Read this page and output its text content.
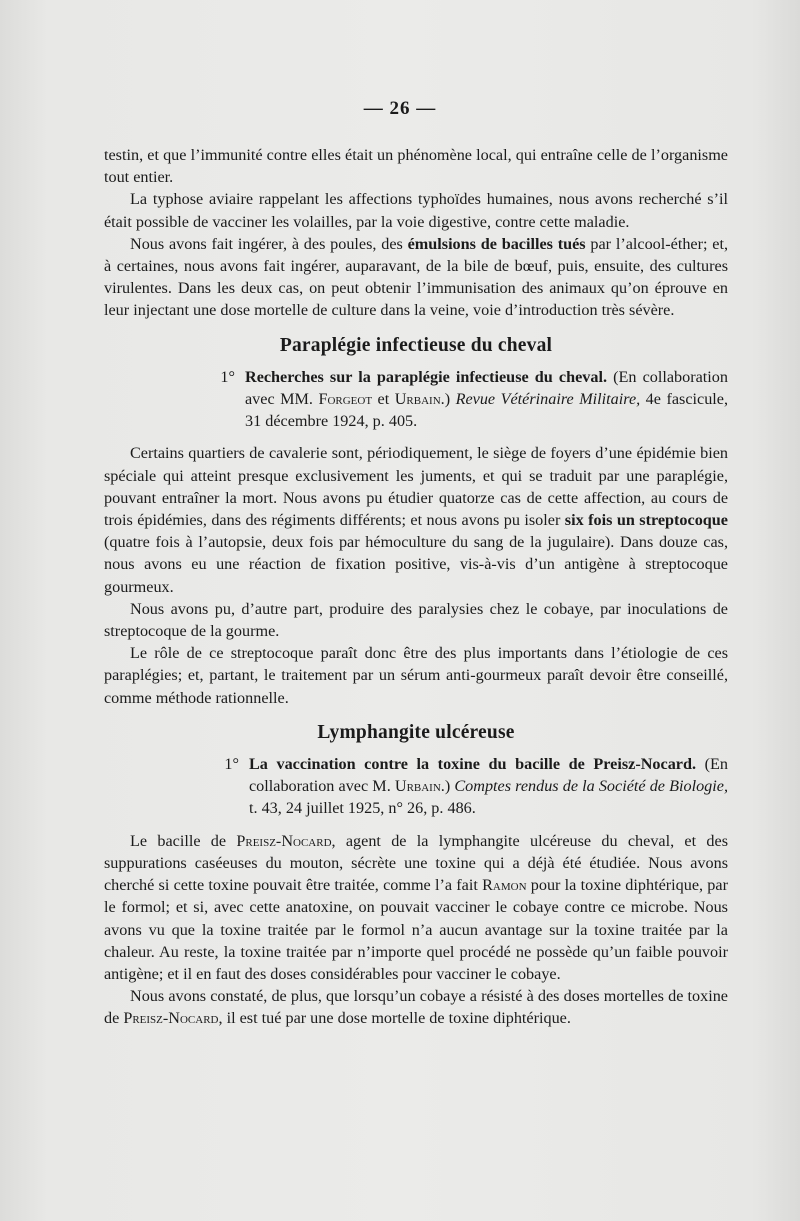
— 26 —

testin, et que l’immunité contre elles était un phénomène local, qui entraîne celle de l’organisme tout entier.

La typhose aviaire rappelant les affections typhoïdes humaines, nous avons recherché s’il était possible de vacciner les volailles, par la voie digestive, contre cette maladie.

Nous avons fait ingérer, à des poules, des émulsions de bacilles tués par l’alcool-éther; et, à certaines, nous avons fait ingérer, auparavant, de la bile de bœuf, puis, ensuite, des cultures virulentes. Dans les deux cas, on peut obtenir l’immunisation des animaux qu’on éprouve en leur injectant une dose mortelle de culture dans la veine, voie d’introduction très sévère.

Paraplégie infectieuse du cheval
1° Recherches sur la paraplégie infectieuse du cheval. (En collaboration avec MM. Forgeot et Urbain.) Revue Vétérinaire Militaire, 4e fascicule, 31 décembre 1924, p. 405.

Certains quartiers de cavalerie sont, périodiquement, le siège de foyers d’une épidémie bien spéciale qui atteint presque exclusivement les juments, et qui se traduit par une paraplégie, pouvant entraîner la mort. Nous avons pu étudier quatorze cas de cette affection, au cours de trois épidémies, dans des régiments différents; et nous avons pu isoler six fois un streptocoque (quatre fois à l’autopsie, deux fois par hémoculture du sang de la jugulaire). Dans douze cas, nous avons eu une réaction de fixation positive, vis-à-vis d’un antigène à streptocoque gourmeux.

Nous avons pu, d’autre part, produire des paralysies chez le cobaye, par inoculations de streptocoque de la gourme.

Le rôle de ce streptocoque paraît donc être des plus importants dans l’étiologie de ces paraplégies; et, partant, le traitement par un sérum anti-gourmeux paraît devoir être conseillé, comme méthode rationnelle.

Lymphangite ulcéreuse
1° La vaccination contre la toxine du bacille de Preisz-Nocard. (En collaboration avec M. Urbain.) Comptes rendus de la Société de Biologie, t. 43, 24 juillet 1925, n° 26, p. 486.

Le bacille de Preisz-Nocard, agent de la lymphangite ulcéreuse du cheval, et des suppurations caséeuses du mouton, sécrète une toxine qui a déjà été étudiée. Nous avons cherché si cette toxine pouvait être traitée, comme l’a fait Ramon pour la toxine diphtérique, par le formol; et si, avec cette anatoxine, on pouvait vacciner le cobaye contre ce microbe. Nous avons vu que la toxine traitée par le formol n’a aucun avantage sur la toxine traitée par la chaleur. Au reste, la toxine traitée par n’importe quel procédé ne possède qu’un faible pouvoir antigène; et il en faut des doses considérables pour vacciner le cobaye.

Nous avons constaté, de plus, que lorsqu’un cobaye a résisté à des doses mortelles de toxine de Preisz-Nocard, il est tué par une dose mortelle de toxine diphtérique.
